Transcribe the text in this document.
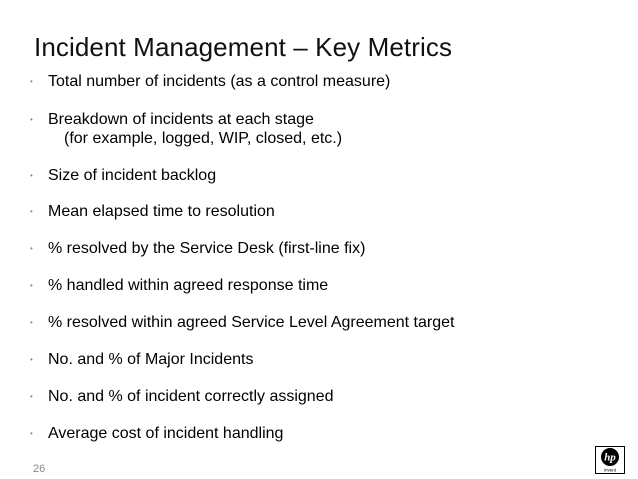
Incident Management – Key Metrics
• Total number of incidents (as a control measure)
• Breakdown of incidents at each stage
(for example, logged, WIP, closed, etc.)
• Size of incident backlog
• Mean elapsed time to resolution
• % resolved by the Service Desk (first-line fix)
• % handled within agreed response time
• % resolved within agreed Service Level Agreement target
• No. and % of Major Incidents
• No. and % of incident correctly assigned
• Average cost of incident handling
26
hp
invent
